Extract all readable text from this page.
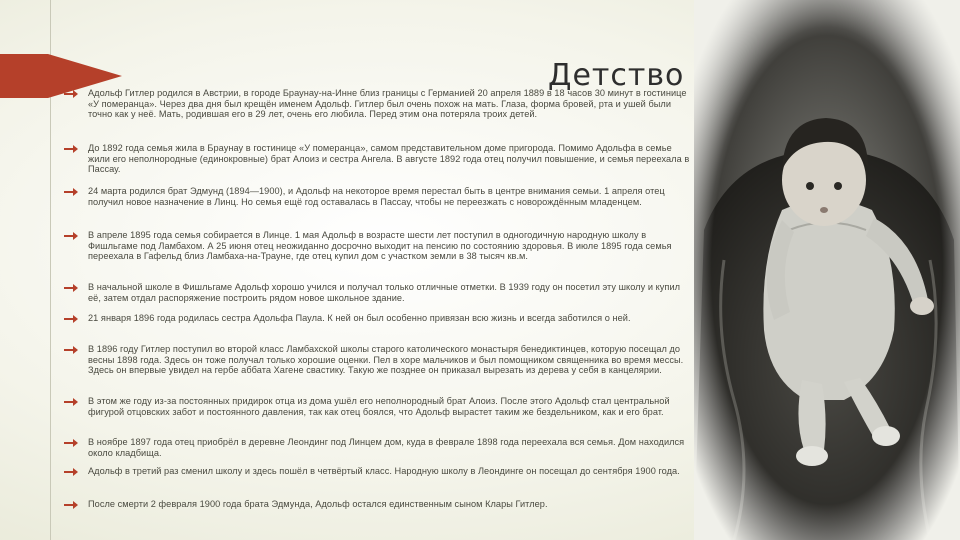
Детство
Адольф Гитлер родился в Австрии, в городе Браунау-на-Инне близ границы с Германией 20 апреля 1889 в 18 часов 30 минут в гостинице «У померанца». Через два дня был крещён именем Адольф. Гитлер был очень похож на мать. Глаза, форма бровей, рта и ушей были точно как у неё. Мать, родившая его в 29 лет, очень его любила. Перед этим она потеряла троих детей.
До 1892 года семья жила в Браунау в гостинице «У померанца», самом представительном доме пригорода. Помимо Адольфа в семье жили его неполнородные (единокровные) брат Алоиз и сестра Ангела. В августе 1892 года отец получил повышение, и семья переехала в Пассау.
24 марта родился брат Эдмунд (1894—1900), и Адольф на некоторое время перестал быть в центре внимания семьи. 1 апреля отец получил новое назначение в Линц. Но семья ещё год оставалась в Пассау, чтобы не переезжать с новорождённым младенцем.
В апреле 1895 года семья собирается в Линце. 1 мая Адольф в возрасте шести лет поступил в одногодичную народную школу в Фишльгаме под Ламбахом. А 25 июня отец неожиданно досрочно выходит на пенсию по состоянию здоровья. В июле 1895 года семья переехала в Гафельд близ Ламбаха-на-Трауне, где отец купил дом с участком земли в 38 тысяч кв.м.
В начальной школе в Фишльгаме Адольф хорошо учился и получал только отличные отметки. В 1939 году он посетил эту школу и купил её, затем отдал распоряжение построить рядом новое школьное здание.
21 января 1896 года родилась сестра Адольфа Паула. К ней он был особенно привязан всю жизнь и всегда заботился о ней.
В 1896 году Гитлер поступил во второй класс Ламбахской школы старого католического монастыря бенедиктинцев, которую посещал до весны 1898 года. Здесь он тоже получал только хорошие оценки. Пел в хоре мальчиков и был помощником священника во время мессы. Здесь он впервые увидел на гербе аббата Хагене свастику. Такую же позднее он приказал вырезать из дерева у себя в канцелярии.
В этом же году из-за постоянных придирок отца из дома ушёл его неполнородный брат Алоиз. После этого Адольф стал центральной фигурой отцовских забот и постоянного давления, так как отец боялся, что Адольф вырастет таким же бездельником, как и его брат.
В ноябре 1897 года отец приобрёл в деревне Леондинг под Линцем дом, куда в феврале 1898 года переехала вся семья. Дом находился около кладбища.
Адольф в третий раз сменил школу и здесь пошёл в четвёртый класс. Народную школу в Леондинге он посещал до сентября 1900 года.
После смерти 2 февраля 1900 года брата Эдмунда, Адольф остался единственным сыном Клары Гитлер.
